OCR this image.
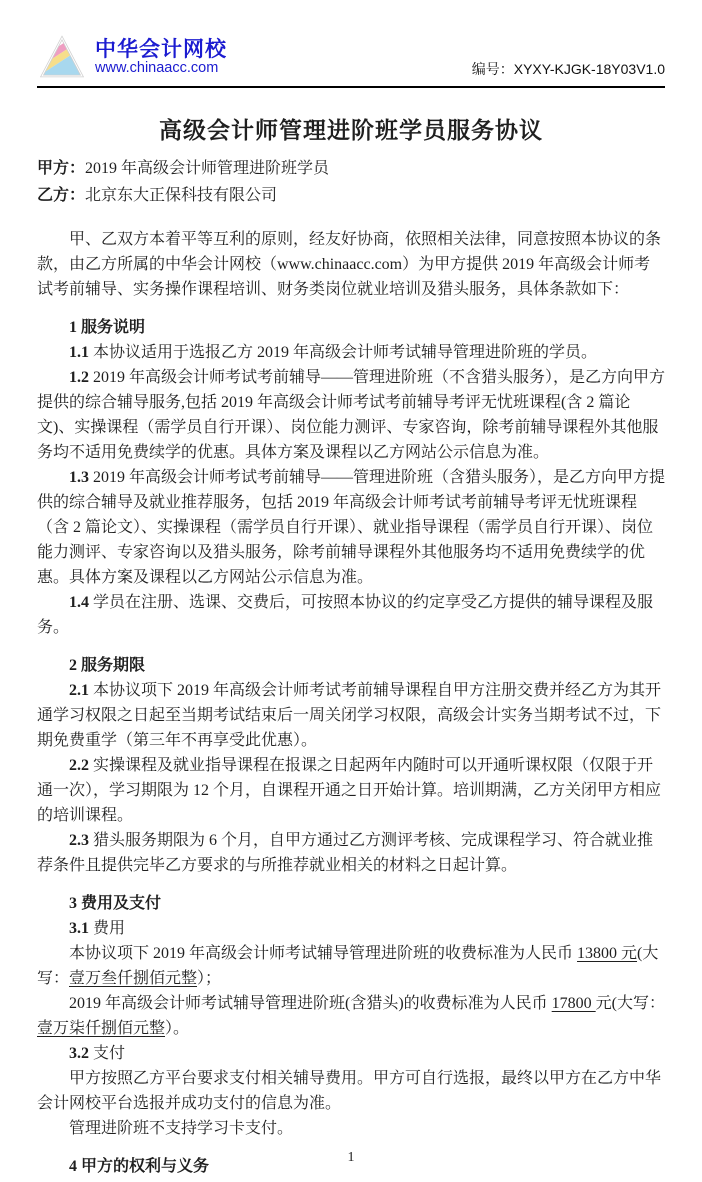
中华会计网校
www.chinaacc.com	编号：XYXY-KJGK-18Y03V1.0
高级会计师管理进阶班学员服务协议
甲方：2019 年高级会计师管理进阶班学员
乙方：北京东大正保科技有限公司

甲、乙双方本着平等互利的原则，经友好协商，依照相关法律，同意按照本协议的条款，由乙方所属的中华会计网校（www.chinaacc.com）为甲方提供 2019 年高级会计师考试考前辅导、实务操作课程培训、财务类岗位就业培训及猎头服务，具体条款如下：

1 服务说明

1.1 本协议适用于选报乙方 2019 年高级会计师考试辅导管理进阶班的学员。

1.2 2019 年高级会计师考试考前辅导——管理进阶班（不含猎头服务），是乙方向甲方提供的综合辅导服务,包括 2019 年高级会计师考试考前辅导考评无忧班课程(含 2 篇论文)、实操课程（需学员自行开课）、岗位能力测评、专家咨询，除考前辅导课程外其他服务均不适用免费续学的优惠。具体方案及课程以乙方网站公示信息为准。

1.3 2019 年高级会计师考试考前辅导——管理进阶班（含猎头服务），是乙方向甲方提供的综合辅导及就业推荐服务，包括 2019 年高级会计师考试考前辅导考评无忧班课程（含 2 篇论文）、实操课程（需学员自行开课）、就业指导课程（需学员自行开课）、岗位能力测评、专家咨询以及猎头服务，除考前辅导课程外其他服务均不适用免费续学的优惠。具体方案及课程以乙方网站公示信息为准。

1.4 学员在注册、选课、交费后，可按照本协议的约定享受乙方提供的辅导课程及服务。

2 服务期限

2.1 本协议项下 2019 年高级会计师考试考前辅导课程自甲方注册交费并经乙方为其开通学习权限之日起至当期考试结束后一周关闭学习权限，高级会计实务当期考试不过，下期免费重学（第三年不再享受此优惠）。

2.2 实操课程及就业指导课程在报课之日起两年内随时可以开通听课权限（仅限于开通一次），学习期限为 12 个月，自课程开通之日开始计算。培训期满，乙方关闭甲方相应的培训课程。

2.3 猎头服务期限为 6 个月，自甲方通过乙方测评考核、完成课程学习、符合就业推荐条件且提供完毕乙方要求的与所推荐就业相关的材料之日起计算。

3 费用及支付

3.1 费用

本协议项下 2019 年高级会计师考试辅导管理进阶班的收费标准为人民币 13800 元(大写：壹万叁仟捌佰元整）；

2019 年高级会计师考试辅导管理进阶班(含猎头)的收费标准为人民币 17800 元(大写：壹万柒仟捌佰元整）。

3.2 支付

甲方按照乙方平台要求支付相关辅导费用。甲方可自行选报，最终以甲方在乙方中华会计网校平台选报并成功支付的信息为准。

管理进阶班不支持学习卡支付。

4 甲方的权利与义务

1
